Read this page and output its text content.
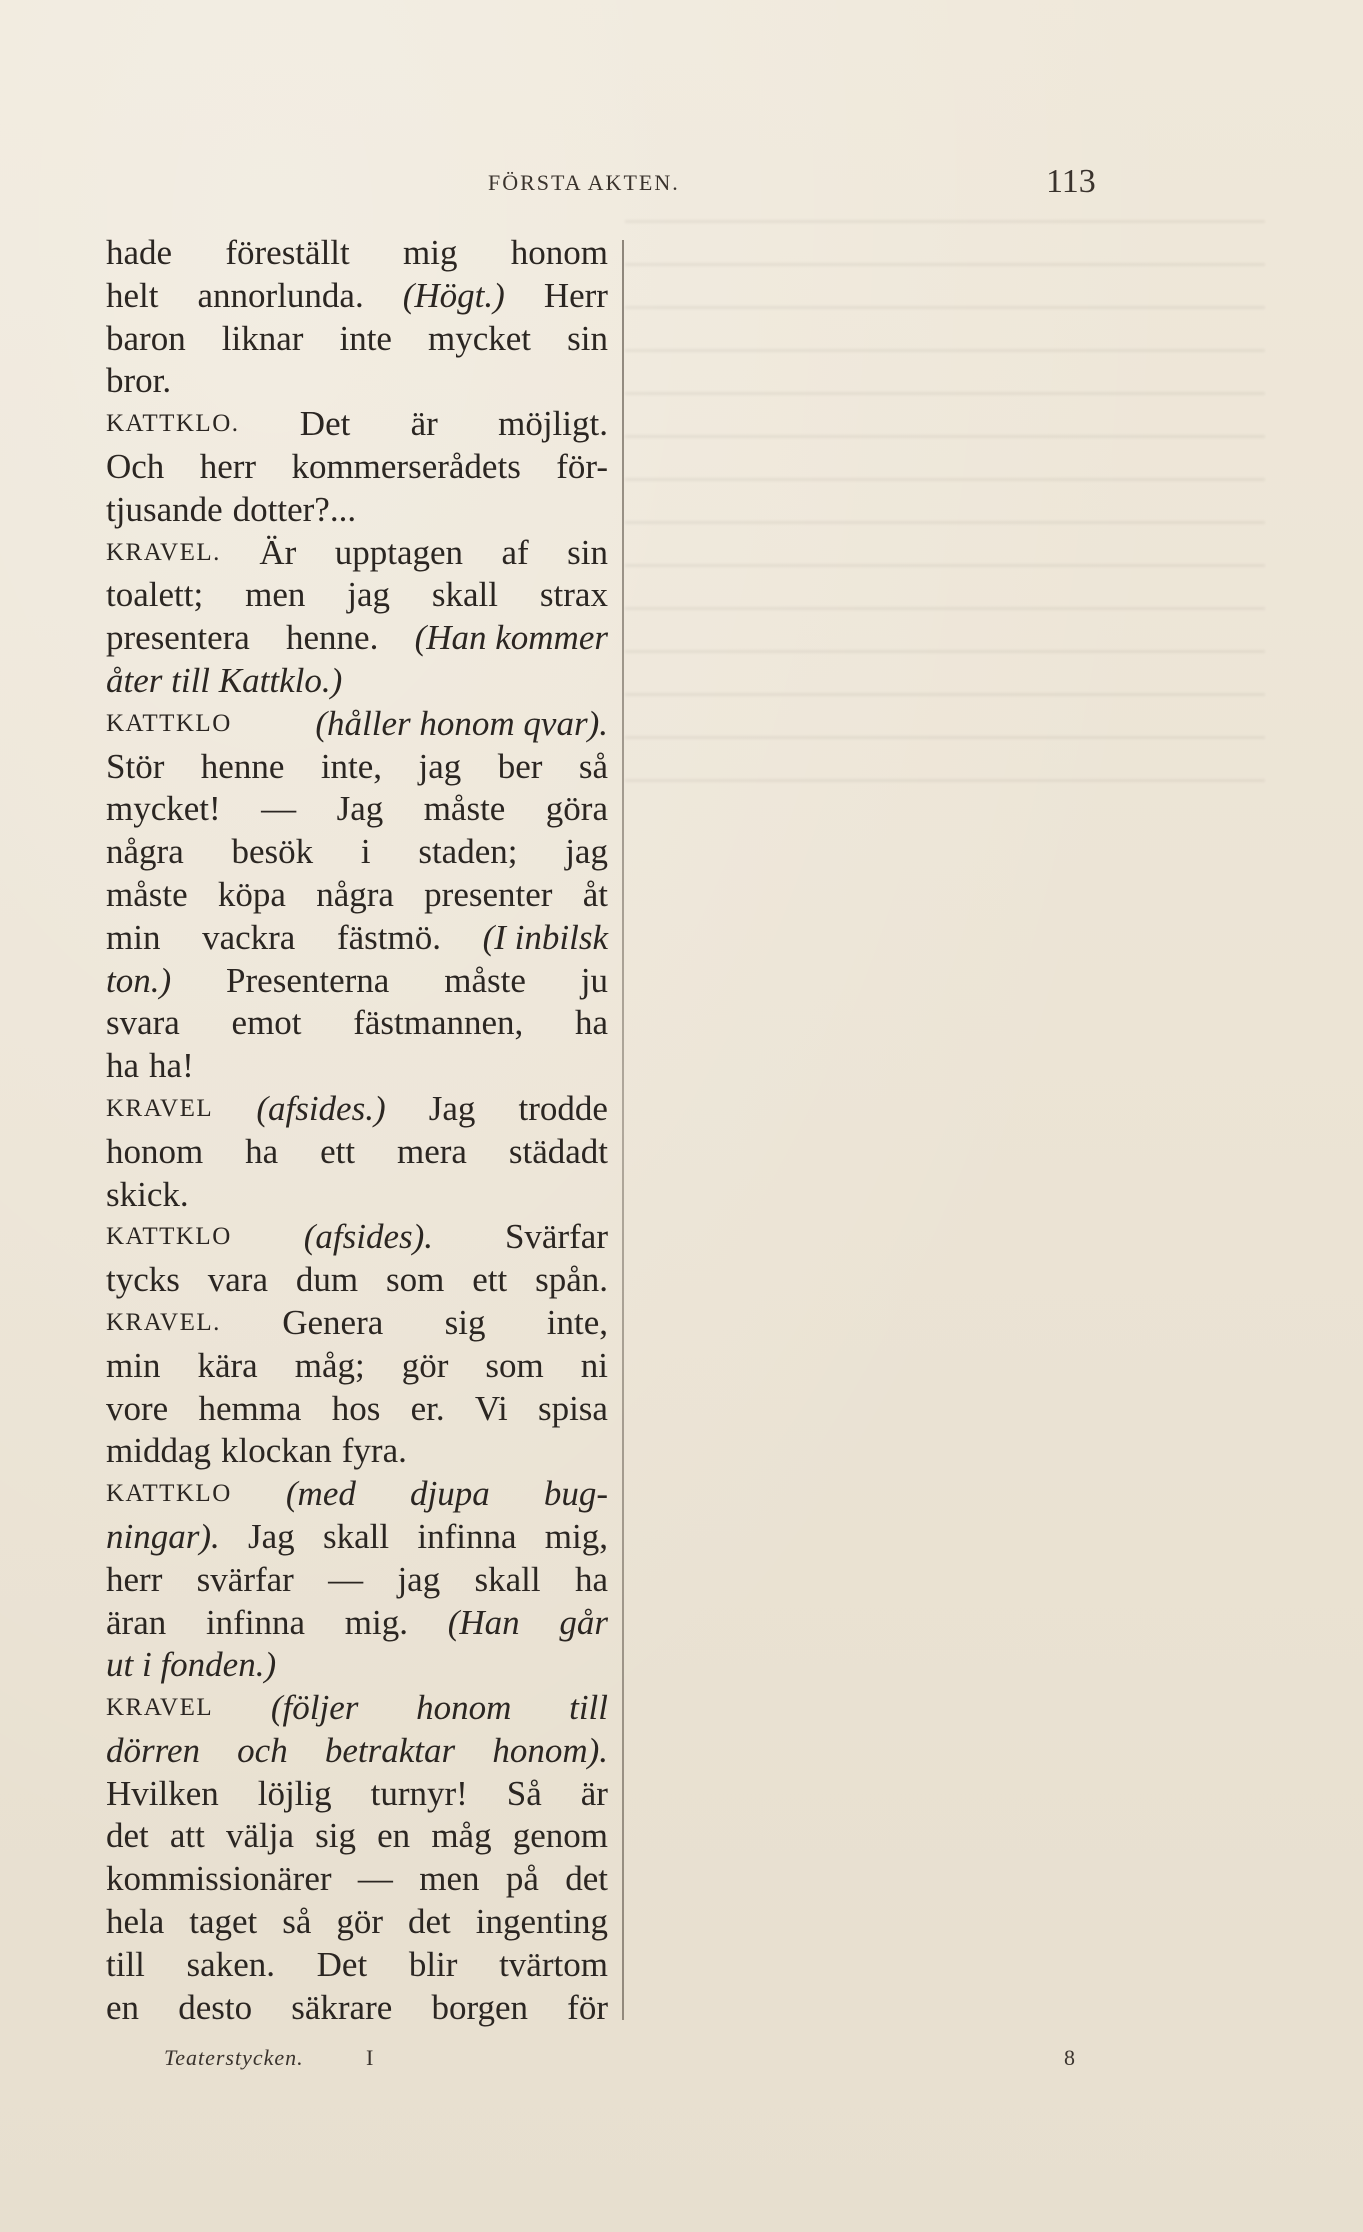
FÖRSTA AKTEN.	113
hade föreställt mig honom
helt annorlunda. (Högt.) Herr
baron liknar inte mycket sin
bror.
KATTKLO. Det är möjligt.
Och herr kommerserådets för-
tjusande dotter?...
KRAVEL. Är upptagen af sin
toalett; men jag skall strax
presentera henne. (Han kommer
åter till Kattklo.)
KATTKLO (håller honom qvar).
Stör henne inte, jag ber så
mycket! — Jag måste göra
några besök i staden; jag
måste köpa några presenter åt
min vackra fästmö. (I inbilsk
ton.) Presenterna måste ju
svara emot fästmannen, ha
ha ha!
KRAVEL (afsides.) Jag trodde
honom ha ett mera städadt
skick.
KATTKLO (afsides). Svärfar
tycks vara dum som ett spån.
KRAVEL. Genera sig inte,
min kära måg; gör som ni
vore hemma hos er. Vi spisa
middag klockan fyra.
KATTKLO (med djupa bug-
ningar). Jag skall infinna mig,
herr svärfar — jag skall ha
äran infinna mig. (Han går
ut i fonden.)
KRAVEL (följer honom till
dörren och betraktar honom).
Hvilken löjlig turnyr! Så är
det att välja sig en måg genom
kommissionärer — men på det
hela taget så gör det ingenting
till saken. Det blir tvärtom
en desto säkrare borgen för
Teaterstycken.	I	8
